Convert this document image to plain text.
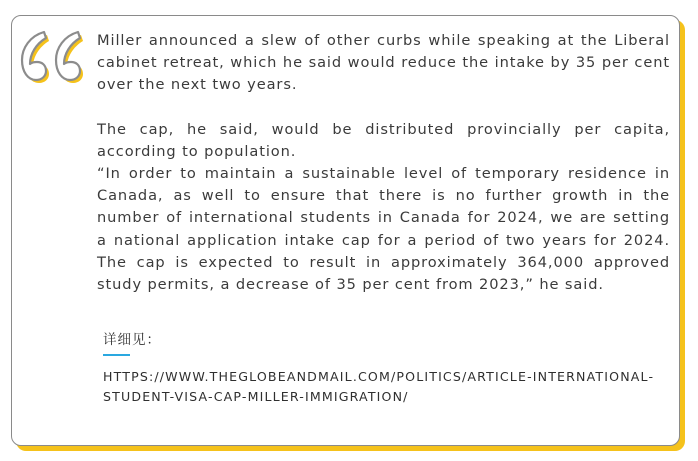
Miller announced a slew of other curbs while speaking at the Liberal cabinet retreat, which he said would reduce the intake by 35 per cent over the next two years.

The cap, he said, would be distributed provincially per capita, according to population.

“In order to maintain a sustainable level of temporary residence in Canada, as well to ensure that there is no further growth in the number of international students in Canada for 2024, we are setting a national application intake cap for a period of two years for 2024. The cap is expected to result in approximately 364,000 approved study permits, a decrease of 35 per cent from 2023,” he said.

详细见：
HTTPS://WWW.THEGLOBEANDMAIL.COM/POLITICS/ARTICLE-INTERNATIONAL-
STUDENT-VISA-CAP-MILLER-IMMIGRATION/
